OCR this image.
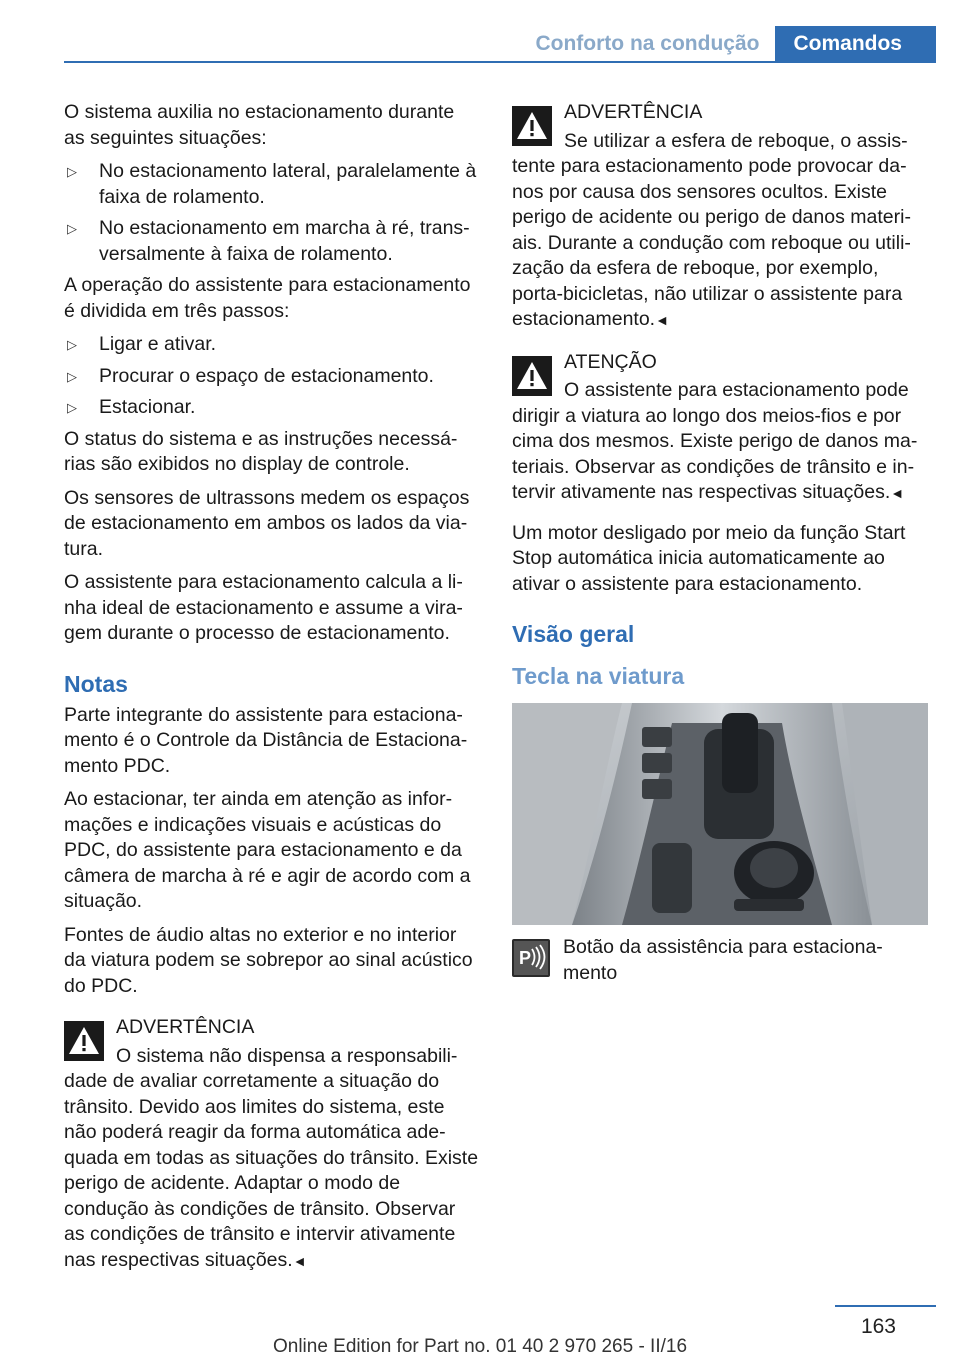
Conforto na condução	Comandos

O sistema auxilia no estacionamento durante as seguintes situações:

▷ No estacionamento lateral, paralelamente à faixa de rolamento.
▷ No estacionamento em marcha à ré, trans-versalmente à faixa de rolamento.

A operação do assistente para estacionamento é dividida em três passos:

▷ Ligar e ativar.
▷ Procurar o espaço de estacionamento.
▷ Estacionar.

O status do sistema e as instruções necessá-rias são exibidos no display de controle.

Os sensores de ultrassons medem os espaços de estacionamento em ambos os lados da via-tura.

O assistente para estacionamento calcula a li-nha ideal de estacionamento e assume a vira-gem durante o processo de estacionamento.

Notas

Parte integrante do assistente para estaciona-mento é o Controle da Distância de Estaciona-mento PDC.

Ao estacionar, ter ainda em atenção as infor-mações e indicações visuais e acústicas do PDC, do assistente para estacionamento e da câmera de marcha à ré e agir de acordo com a situação.

Fontes de áudio altas no exterior e no interior da viatura podem se sobrepor ao sinal acústico do PDC.

ADVERTÊNCIA
O sistema não dispensa a responsabili-dade de avaliar corretamente a situação do trânsito. Devido aos limites do sistema, este não poderá reagir da forma automática ade-quada em todas as situações do trânsito. Existe perigo de acidente. Adaptar o modo de condução às condições de trânsito. Observar as condições de trânsito e intervir ativamente nas respectivas situações. ◄
ADVERTÊNCIA
Se utilizar a esfera de reboque, o assis-tente para estacionamento pode provocar da-nos por causa dos sensores ocultos. Existe perigo de acidente ou perigo de danos materi-ais. Durante a condução com reboque ou utili-zação da esfera de reboque, por exemplo, porta-bicicletas, não utilizar o assistente para estacionamento. ◄
ATENÇÃO
O assistente para estacionamento pode dirigir a viatura ao longo dos meios-fios e por cima dos mesmos. Existe perigo de danos ma-teriais. Observar as condições de trânsito e in-tervir ativamente nas respectivas situações. ◄

Um motor desligado por meio da função Start Stop automática inicia automaticamente ao ativar o assistente para estacionamento.

Visão geral
Tecla na viatura
P Botão da assistência para estaciona-mento
163
Online Edition for Part no. 01 40 2 970 265 - II/16
